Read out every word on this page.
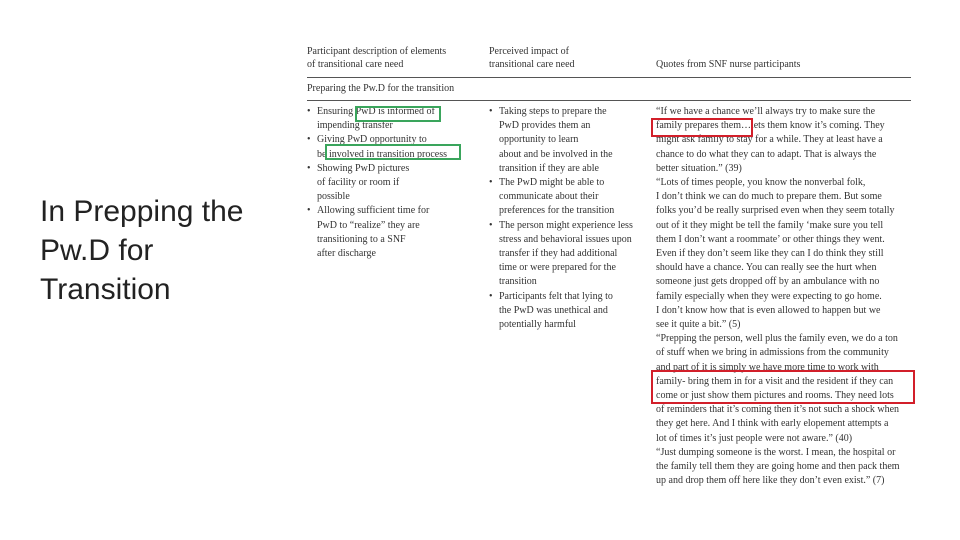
In Prepping the
Pw.D for
Transition
Participant description of elements
of transitional care need
Perceived impact of
transitional care need	Quotes from SNF nurse participants
Preparing the Pw.D for the transition
• Ensuring PwD is informed of
impending transfer
• Giving PwD opportunity to
be involved in transition process
• Showing PwD pictures
of facility or room if
possible
• Allowing sufficient time for
PwD to “realize” they are
transitioning to a SNF
after discharge
• Taking steps to prepare the
PwD provides them an
opportunity to learn
about and be involved in the
transition if they are able
• The PwD might be able to
communicate about their
preferences for the transition
• The person might experience less
stress and behavioral issues upon
transfer if they had additional
time or were prepared for the
transition
• Participants felt that lying to
the PwD was unethical and
potentially harmful
“If we have a chance we’ll always try to make sure the
family prepares them…lets them know it’s coming. They
might ask family to stay for a while. They at least have a
chance to do what they can to adapt. That is always the
better situation.” (39)
“Lots of times people, you know the nonverbal folk,
I don’t think we can do much to prepare them. But some
folks you’d be really surprised even when they seem totally
out of it they might be tell the family ‘make sure you tell
them I don’t want a roommate’ or other things they went.
Even if they don’t seem like they can I do think they still
should have a chance. You can really see the hurt when
someone just gets dropped off by an ambulance with no
family especially when they were expecting to go home.
I don’t know how that is even allowed to happen but we
see it quite a bit.” (5)
“Prepping the person, well plus the family even, we do a ton
of stuff when we bring in admissions from the community
and part of it is simply we have more time to work with
family- bring them in for a visit and the resident if they can
come or just show them pictures and rooms. They need lots
of reminders that it’s coming then it’s not such a shock when
they get here. And I think with early elopement attempts a
lot of times it’s just people were not aware.” (40)
“Just dumping someone is the worst. I mean, the hospital or
the family tell them they are going home and then pack them
up and drop them off here like they don’t even exist.” (7)
